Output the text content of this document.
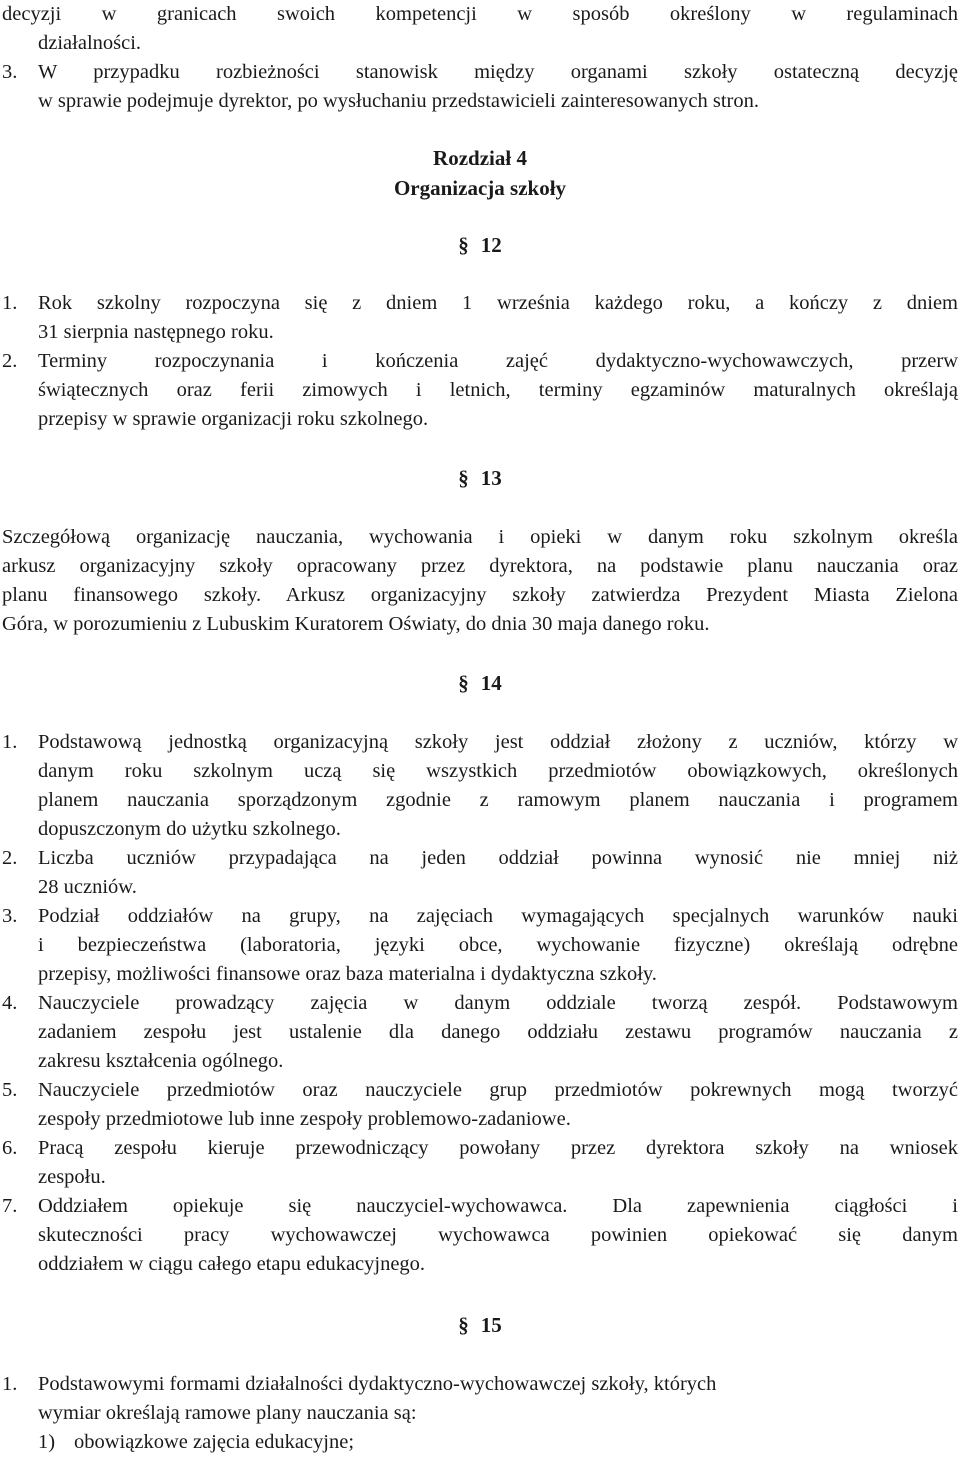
decyzji w granicach swoich kompetencji w sposób określony w regulaminach
działalności.
3. W przypadku rozbieżności stanowisk między organami szkoły ostateczną decyzję
w sprawie podejmuje dyrektor, po wysłuchaniu przedstawicieli zainteresowanych stron.
Rozdział 4
Organizacja szkoły
§ 12
1. Rok szkolny rozpoczyna się z dniem 1 września każdego roku, a kończy z dniem
31 sierpnia następnego roku.
2. Terminy rozpoczynania i kończenia zajęć dydaktyczno-wychowawczych, przerw
świątecznych oraz ferii zimowych i letnich, terminy egzaminów maturalnych określają
przepisy w sprawie organizacji roku szkolnego.
§ 13
Szczegółową organizację nauczania, wychowania i opieki w danym roku szkolnym określa
arkusz organizacyjny szkoły opracowany przez dyrektora, na podstawie planu nauczania oraz
planu finansowego szkoły. Arkusz organizacyjny szkoły zatwierdza Prezydent Miasta Zielona
Góra, w porozumieniu z Lubuskim Kuratorem Oświaty, do dnia 30 maja danego roku.
§ 14
1. Podstawową jednostką organizacyjną szkoły jest oddział złożony z uczniów, którzy w
danym roku szkolnym uczą się wszystkich przedmiotów obowiązkowych, określonych
planem nauczania sporządzonym zgodnie z ramowym planem nauczania i programem
dopuszczonym do użytku szkolnego.
2. Liczba uczniów przypadająca na jeden oddział powinna wynosić nie mniej niż
28 uczniów.
3. Podział oddziałów na grupy, na zajęciach wymagających specjalnych warunków nauki
i bezpieczeństwa (laboratoria, języki obce, wychowanie fizyczne) określają odrębne
przepisy, możliwości finansowe oraz baza materialna i dydaktyczna szkoły.
4. Nauczyciele prowadzący zajęcia w danym oddziale tworzą zespół. Podstawowym
zadaniem zespołu jest ustalenie dla danego oddziału zestawu programów nauczania z
zakresu kształcenia ogólnego.
5. Nauczyciele przedmiotów oraz nauczyciele grup przedmiotów pokrewnych mogą tworzyć
zespoły przedmiotowe lub inne zespoły problemowo-zadaniowe.
6. Pracą zespołu kieruje przewodniczący powołany przez dyrektora szkoły na wniosek
zespołu.
7. Oddziałem opiekuje się nauczyciel-wychowawca. Dla zapewnienia ciągłości i
skuteczności pracy wychowawczej wychowawca powinien opiekować się danym
oddziałem w ciągu całego etapu edukacyjnego.
§ 15
1. Podstawowymi formami działalności dydaktyczno-wychowawczej szkoły, których
wymiar określają ramowe plany nauczania są:
1) obowiązkowe zajęcia edukacyjne;
